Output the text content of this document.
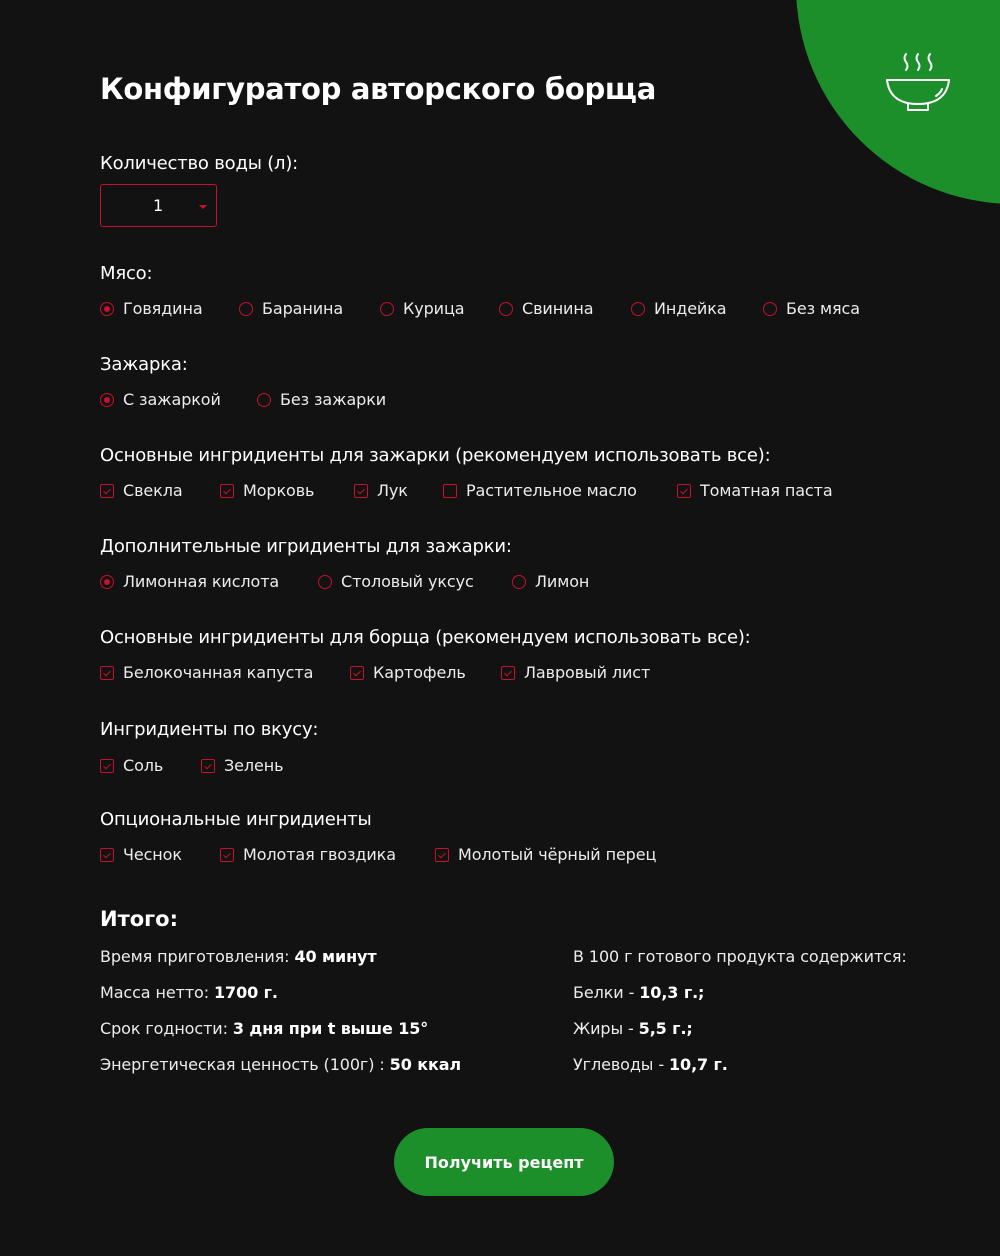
Конфигуратор авторского борща
Количество воды (л):
1
Мясо:
Говядина	Баранина	Курица	Свинина	Индейка	Без мяса
Зажарка:
С зажаркой	Без зажарки
Основные ингридиенты для зажарки (рекомендуем использовать все):
Свекла	Морковь	Лук	Растительное масло	Томатная паста
Дополнительные игридиенты для зажарки:
Лимонная кислота	Столовый уксус	Лимон
Основные ингридиенты для борща (рекомендуем использовать все):
Белокочанная капуста	Картофель	Лавровый лист
Ингридиенты по вкусу:
Соль	Зелень
Опциональные ингридиенты
Чеснок	Молотая гвоздика	Молотый чёрный перец
Итого:
Время приготовления: 40 минут
Масса нетто: 1700 г.
Срок годности: 3 дня при t выше 15°
Энергетическая ценность (100г) : 50 ккал
В 100 г готового продукта содержится:
Белки - 10,3 г.;
Жиры - 5,5 г.;
Углеводы - 10,7 г.
Получить рецепт
